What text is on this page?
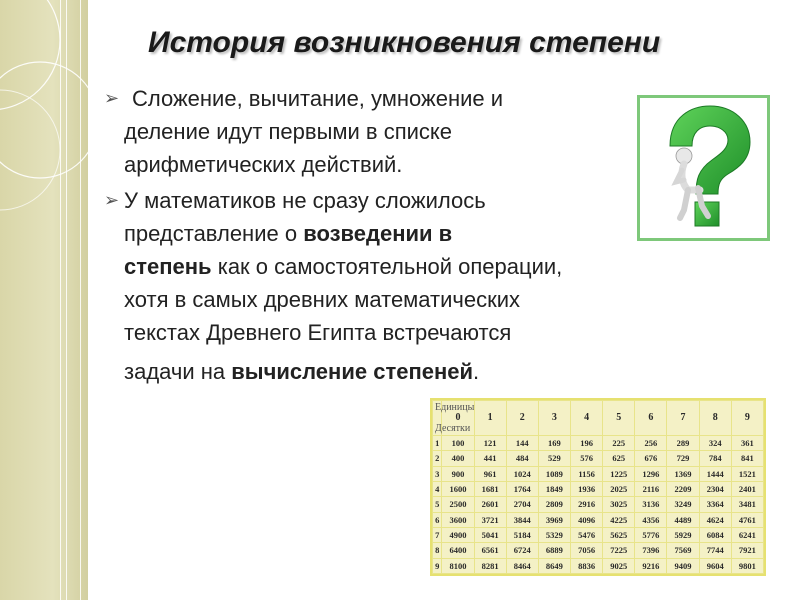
История возникновения степени
➢ Сложение, вычитание, умножение и
деление идут первыми в списке
арифметических действий.
➢ У математиков не сразу сложилось
представление о возведении в
степень как о самостоятельной операции,
хотя в самых древних математических
текстах Древнего Египта встречаются
задачи на вычисление степеней.
Единицы
Десятки	0	1	2	3	4	5	6	7	8	9
1	100	121	144	169	196	225	256	289	324	361
2	400	441	484	529	576	625	676	729	784	841
3	900	961	1024	1089	1156	1225	1296	1369	1444	1521
4	1600	1681	1764	1849	1936	2025	2116	2209	2304	2401
5	2500	2601	2704	2809	2916	3025	3136	3249	3364	3481
6	3600	3721	3844	3969	4096	4225	4356	4489	4624	4761
7	4900	5041	5184	5329	5476	5625	5776	5929	6084	6241
8	6400	6561	6724	6889	7056	7225	7396	7569	7744	7921
9	8100	8281	8464	8649	8836	9025	9216	9409	9604	9801
